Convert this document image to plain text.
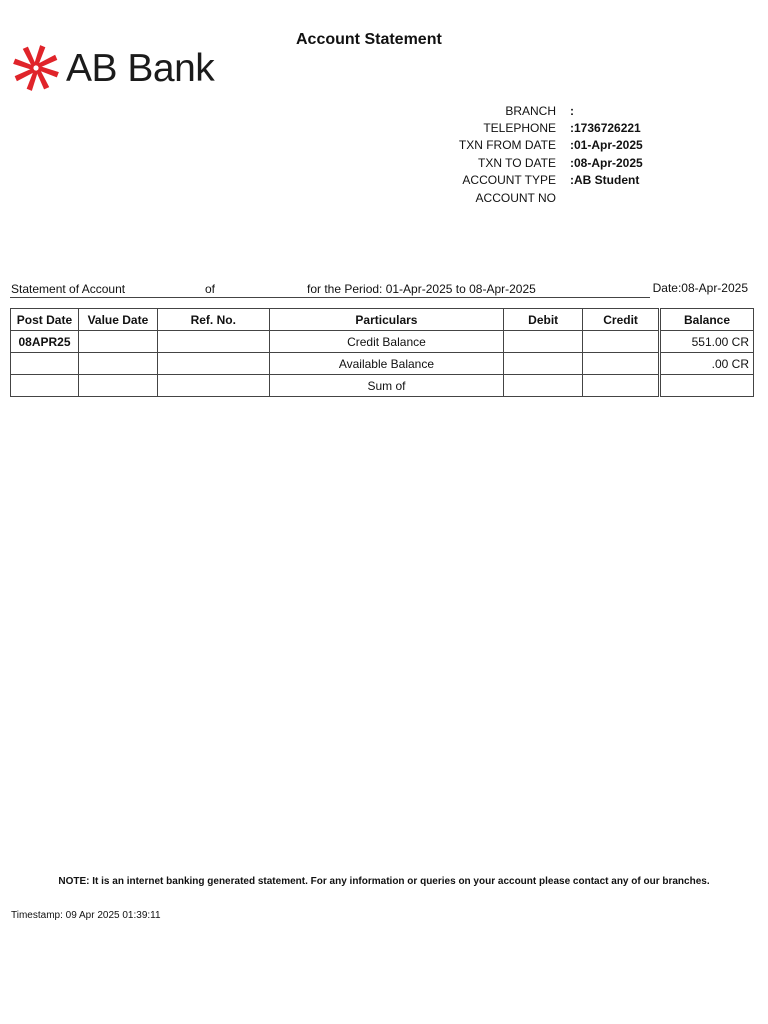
AB Bank
Account Statement
BRANCH	:
TELEPHONE	:1736726221
TXN FROM DATE	:01-Apr-2025
TXN TO DATE	:08-Apr-2025
ACCOUNT TYPE	:AB Student
ACCOUNT NO
Statement of Account	of	for the Period: 01-Apr-2025 to 08-Apr-2025	Date:08-Apr-2025
Post Date	Value Date	Ref. No.	Particulars	Debit	Credit	Balance
08APR25			Credit Balance			551.00 CR
			Available Balance			.00 CR
			Sum of			
NOTE: It is an internet banking generated statement. For any information or queries on your account please contact any of our branches.
Timestamp: 09 Apr 2025 01:39:11
